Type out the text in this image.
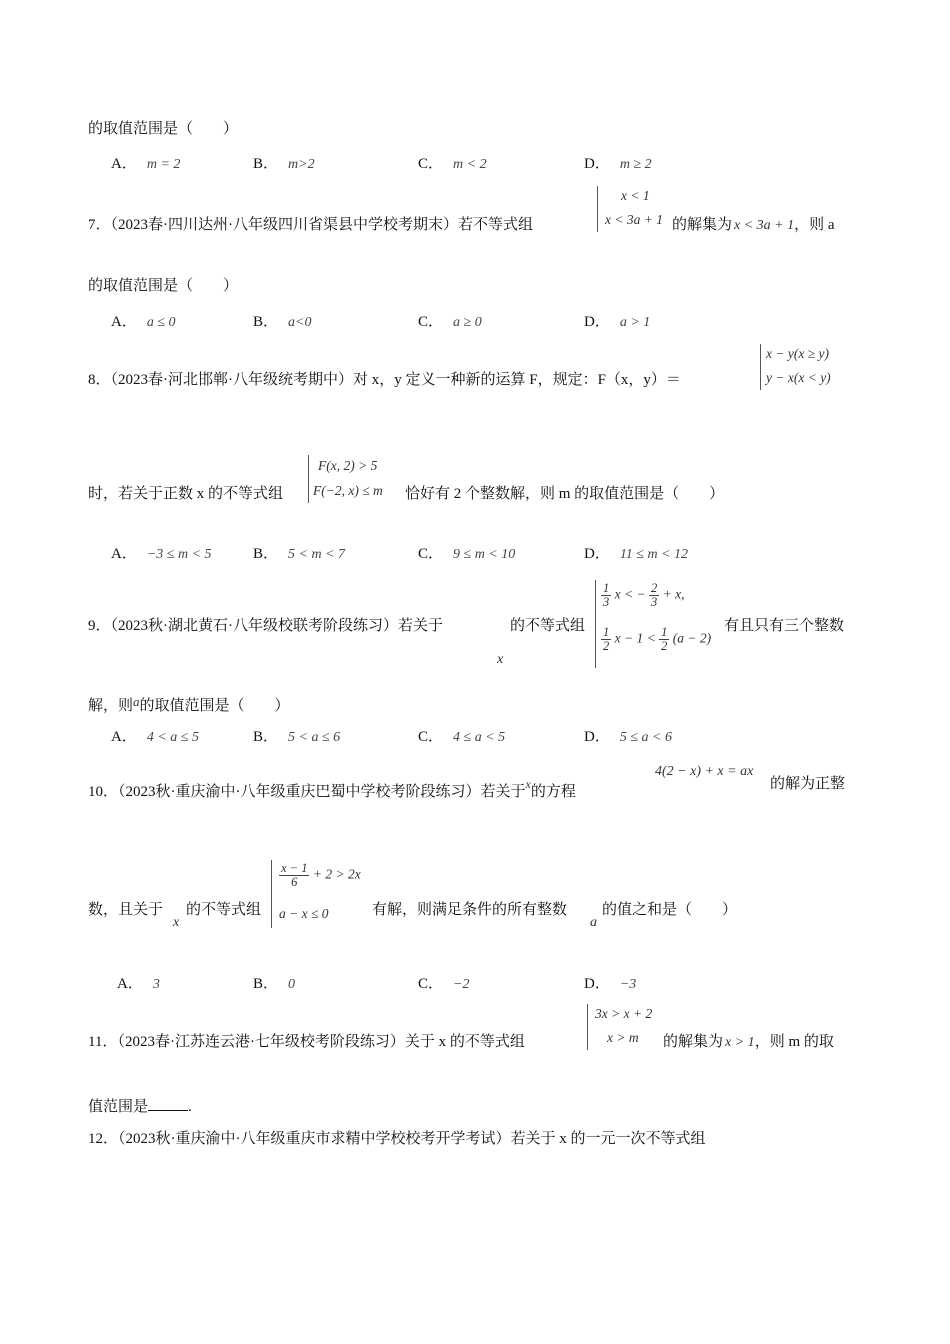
的取值范围是（　　）
A． m = 2	B． m>2	C． m < 2	D． m ≥ 2
7．（2023春·四川达州·八年级四川省渠县中学校考期末）若不等式组
x < 1
x < 3a + 1 的解集为 x < 3a + 1，则 a
的取值范围是（　　）
A． a ≤ 0	B． a<0	C． a ≥ 0	D． a > 1
8．（2023春·河北邯郸·八年级统考期中）对 x，y 定义一种新的运算 F，规定：F（x，y）＝
x − y(x ≥ y)
y − x(x < y)
时，若关于正数 x 的不等式组
F(x, 2) > 5
F(−2, x) ≤ m 恰好有 2 个整数解，则 m 的取值范围是（　　）
A． −3 ≤ m < 5	B． 5 < m < 7	C． 9 ≤ m < 10	D． 11 ≤ m < 12
9．（2023秋·湖北黄石·八年级校联考阶段练习）若关于
x
的不等式组
$\frac{1}{3}$ x < − $\frac{2}{3} + x$,
$\frac{1}{2}$ $x - 1 < \frac{1}{2} (a - 2)$
有且只有三个整数
解，则a的取值范围是（　　）
A． 4 < a ≤ 5	B． 5 < a ≤ 6	C． 4 ≤ a < 5	D． 5 ≤ a < 6
10．（2023秋·重庆渝中·八年级重庆巴蜀中学校考阶段练习）若关于$^x$的方程
4(2 − x) + x = ax
的解为正整
数，且关于
x
的不等式组
$\frac{x - 1}{6} + 2 > 2x$
a − x ≤ 0	有解，则满足条件的所有整数
a
的值之和是（　　）
A． 3	B． 0	C． −2	D． −3
11．（2023春·江苏连云港·七年级校考阶段练习）关于 x 的不等式组
3x > x + 2
x > m 的解集为 x > 1，则 m 的取
值范围是	.
12．（2023秋·重庆渝中·八年级重庆市求精中学校校考开学考试）若关于 x 的一元一次不等式组
